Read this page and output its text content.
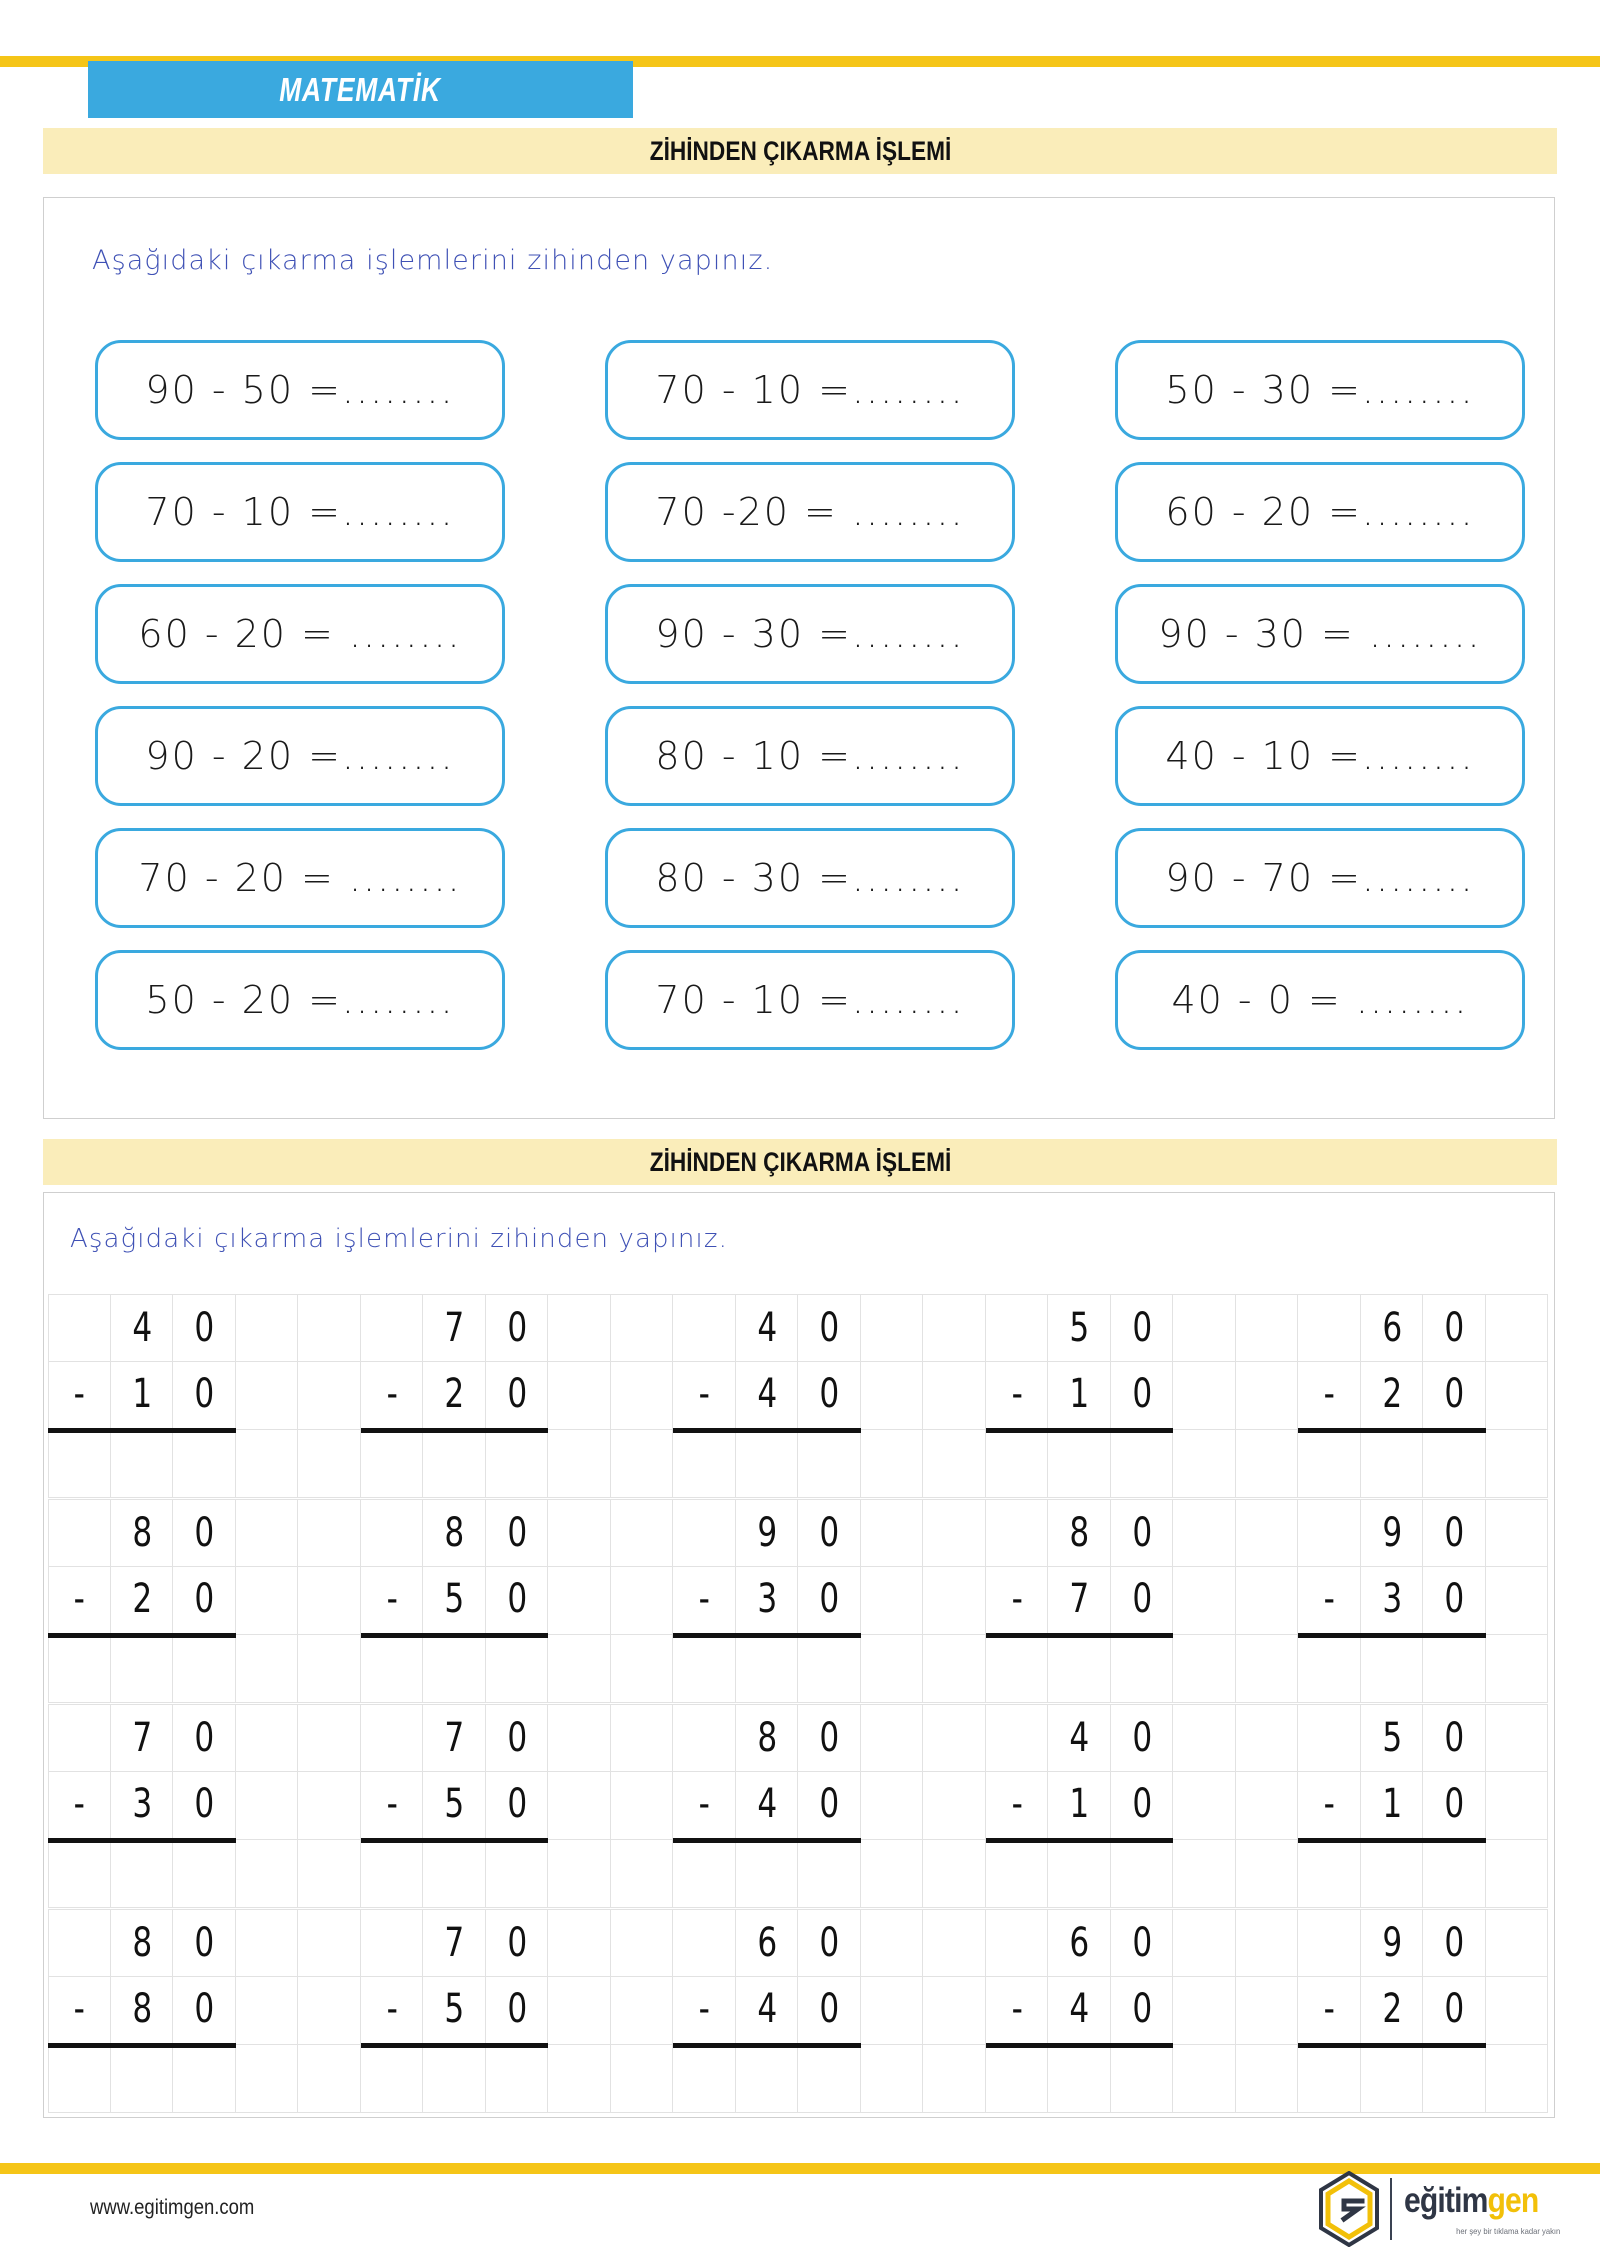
MATEMATİK
ZİHİNDEN ÇIKARMA İŞLEMİ
Aşağıdaki çıkarma işlemlerini zihinden yapınız.
90 - 50 =........	70 - 10 =........	50 - 30 =........
70 - 10 =........	70 -20 = ........	60 - 20 =........
60 - 20 = ........	90 - 30 =........	90 - 30 = ........
90 - 20 =........	80 - 10 =........	40 - 10 =........
70 - 20 = ........	80 - 30 =........	90 - 70 =........
50 - 20 =........	70 - 10 =........	40 - 0 = ........
ZİHİNDEN ÇIKARMA İŞLEMİ
Aşağıdaki çıkarma işlemlerini zihinden yapınız.
4	0
-	1	0
7	0
-	2	0
4	0
-	4	0
5	0
-	1	0
6	0
-	2	0
8	0
-	2	0
8	0
-	5	0
9	0
-	3	0
8	0
-	7	0
9	0
-	3	0
7	0
-	3	0
7	0
-	5	0
8	0
-	4	0
4	0
-	1	0
5	0
-	1	0
8	0
-	8	0
7	0
-	5	0
6	0
-	4	0
6	0
-	4	0
9	0
-	2	0
www.egitimgen.com	eğitimgen
her şey bir tıklama kadar yakın
